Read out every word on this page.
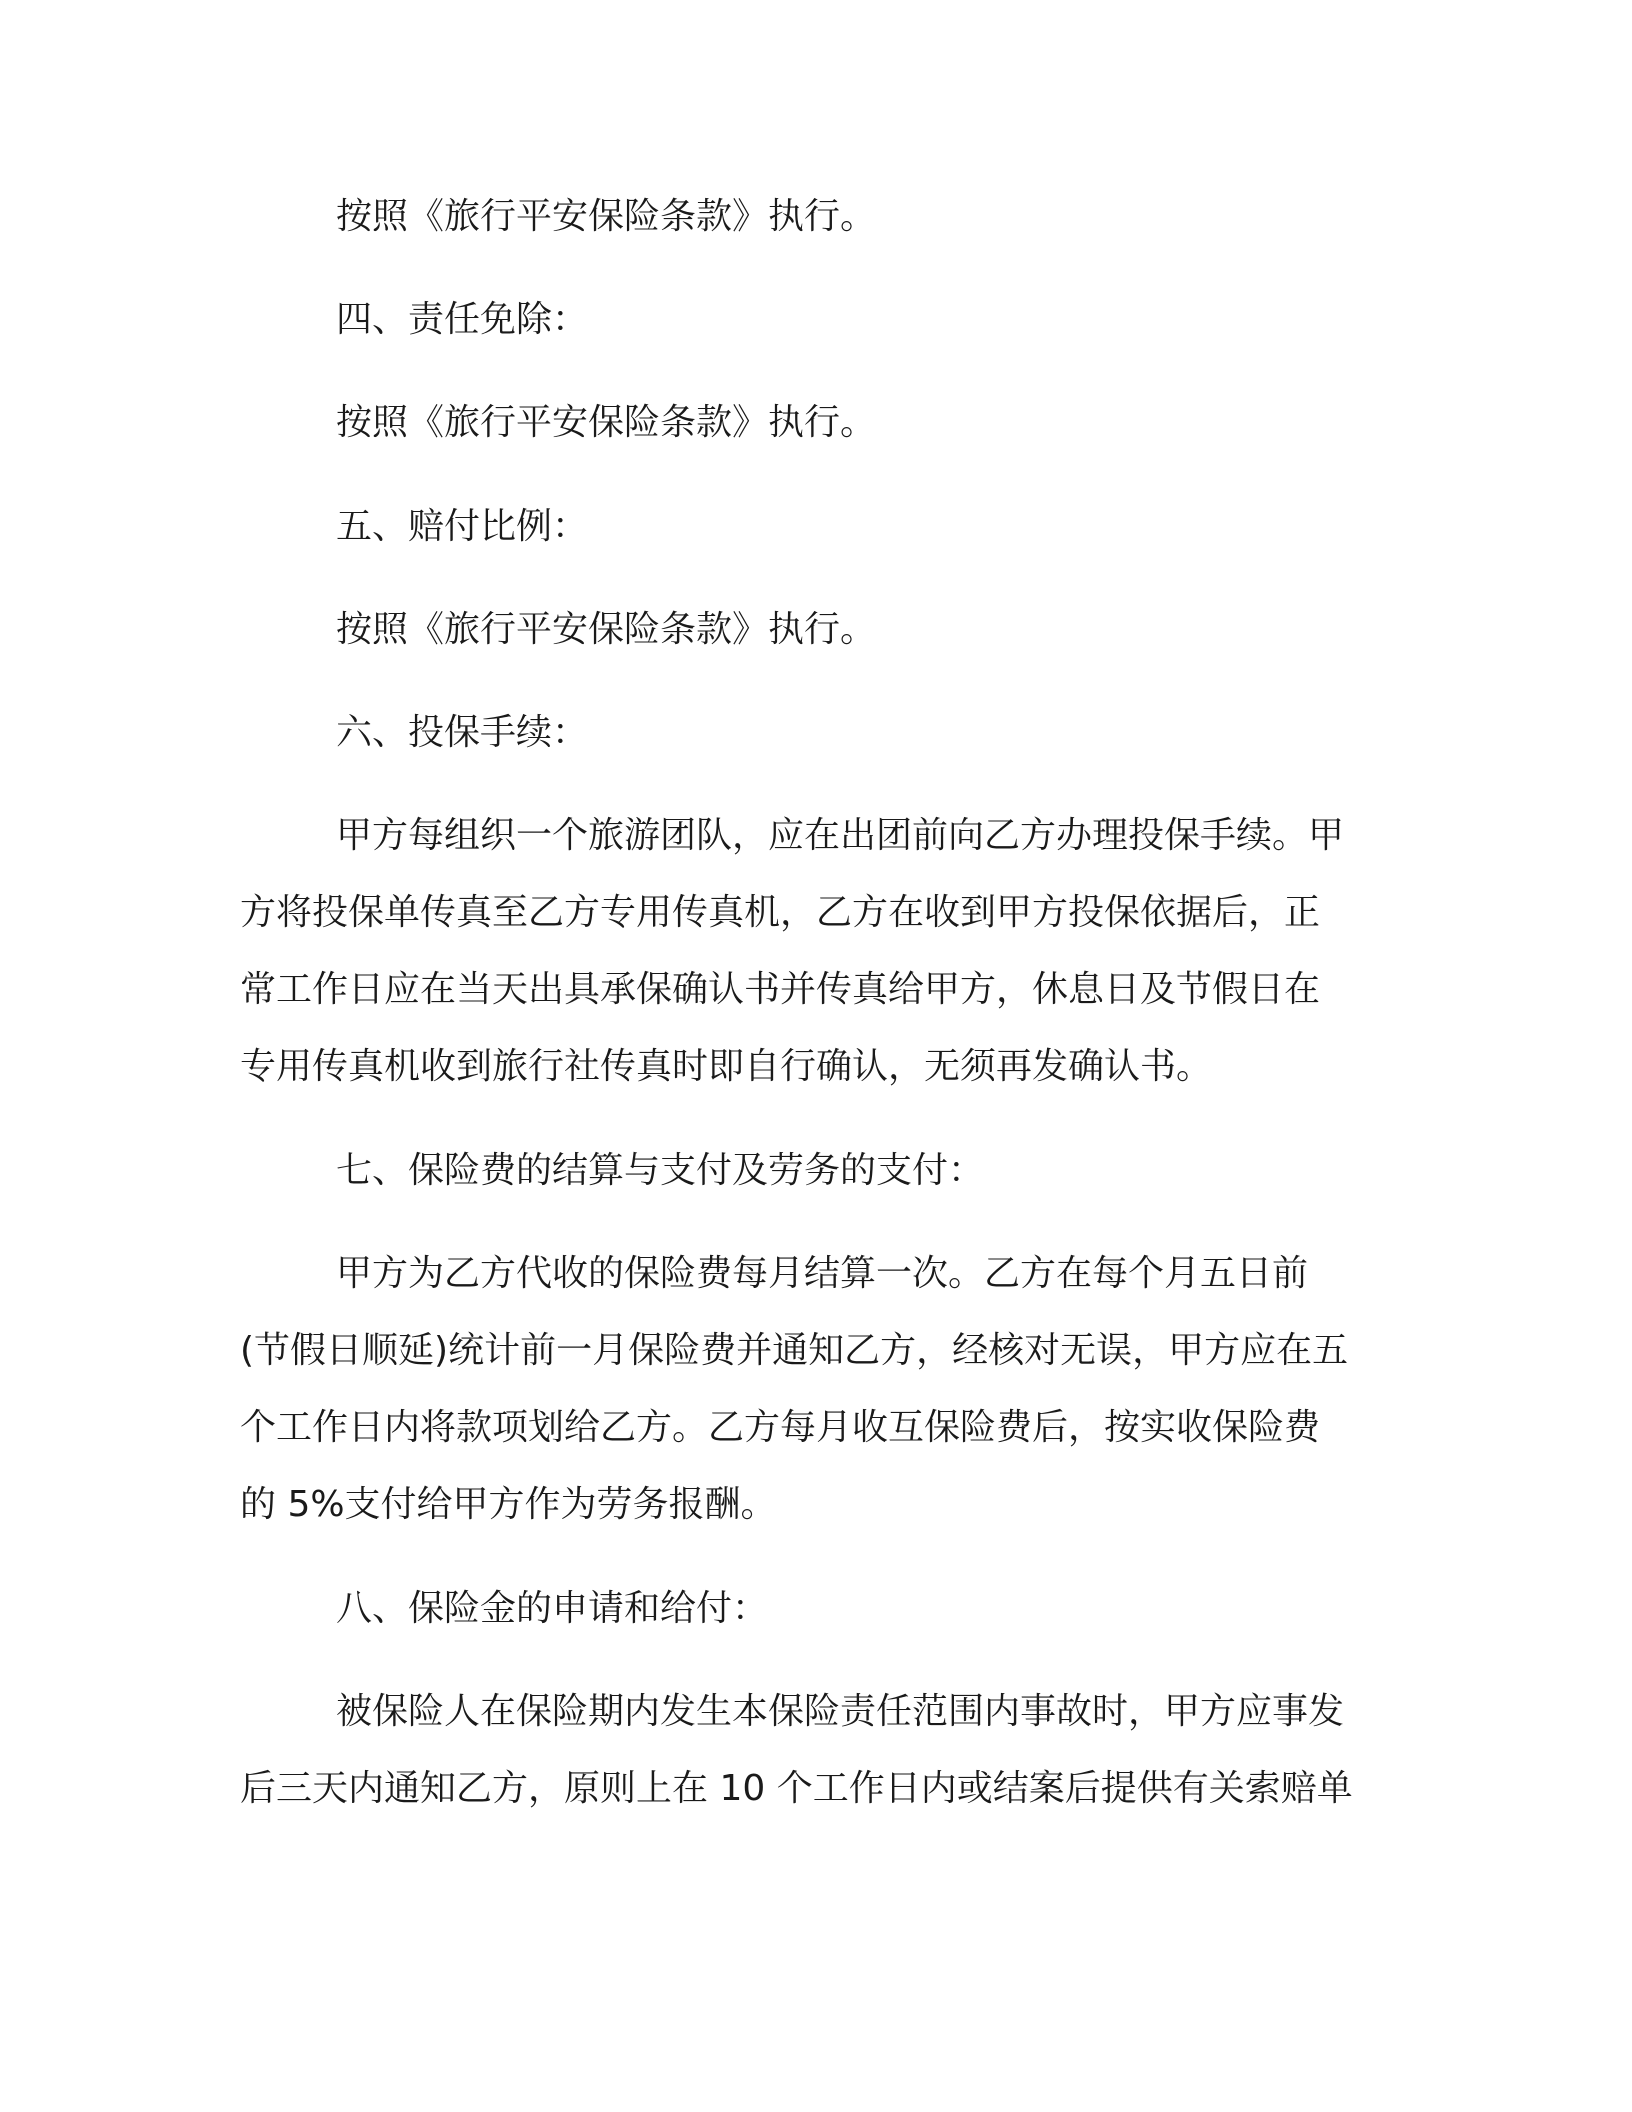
按照《旅行平安保险条款》执行。
四、责任免除：
按照《旅行平安保险条款》执行。
五、赔付比例：
按照《旅行平安保险条款》执行。
六、投保手续：
甲方每组织一个旅游团队，应在出团前向乙方办理投保手续。甲
方将投保单传真至乙方专用传真机，乙方在收到甲方投保依据后，正
常工作日应在当天出具承保确认书并传真给甲方，休息日及节假日在
专用传真机收到旅行社传真时即自行确认，无须再发确认书。
七、保险费的结算与支付及劳务的支付：
甲方为乙方代收的保险费每月结算一次。乙方在每个月五日前
(节假日顺延)统计前一月保险费并通知乙方，经核对无误，甲方应在五
个工作日内将款项划给乙方。乙方每月收互保险费后，按实收保险费
的 5%支付给甲方作为劳务报酬。
八、保险金的申请和给付：
被保险人在保险期内发生本保险责任范围内事故时，甲方应事发
后三天内通知乙方，原则上在 10 个工作日内或结案后提供有关索赔单
